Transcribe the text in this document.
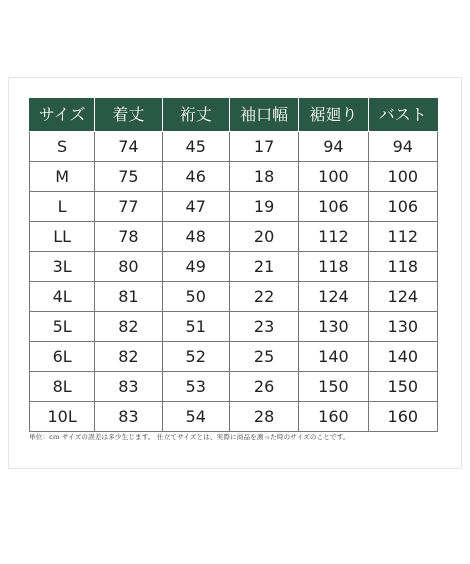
サイズ	着丈	裄丈	袖口幅	裾廻り	バスト
S	74	45	17	94	94
M	75	46	18	100	100
L	77	47	19	106	106
LL	78	48	20	112	112
3L	80	49	21	118	118
4L	81	50	22	124	124
5L	82	51	23	130	130
6L	82	52	25	140	140
8L	83	53	26	150	150
10L	83	54	28	160	160
単位：cｍ サイズの誤差は多少生じます。 仕立てサイズとは、実際に商品を測った時のサイズのことです。
